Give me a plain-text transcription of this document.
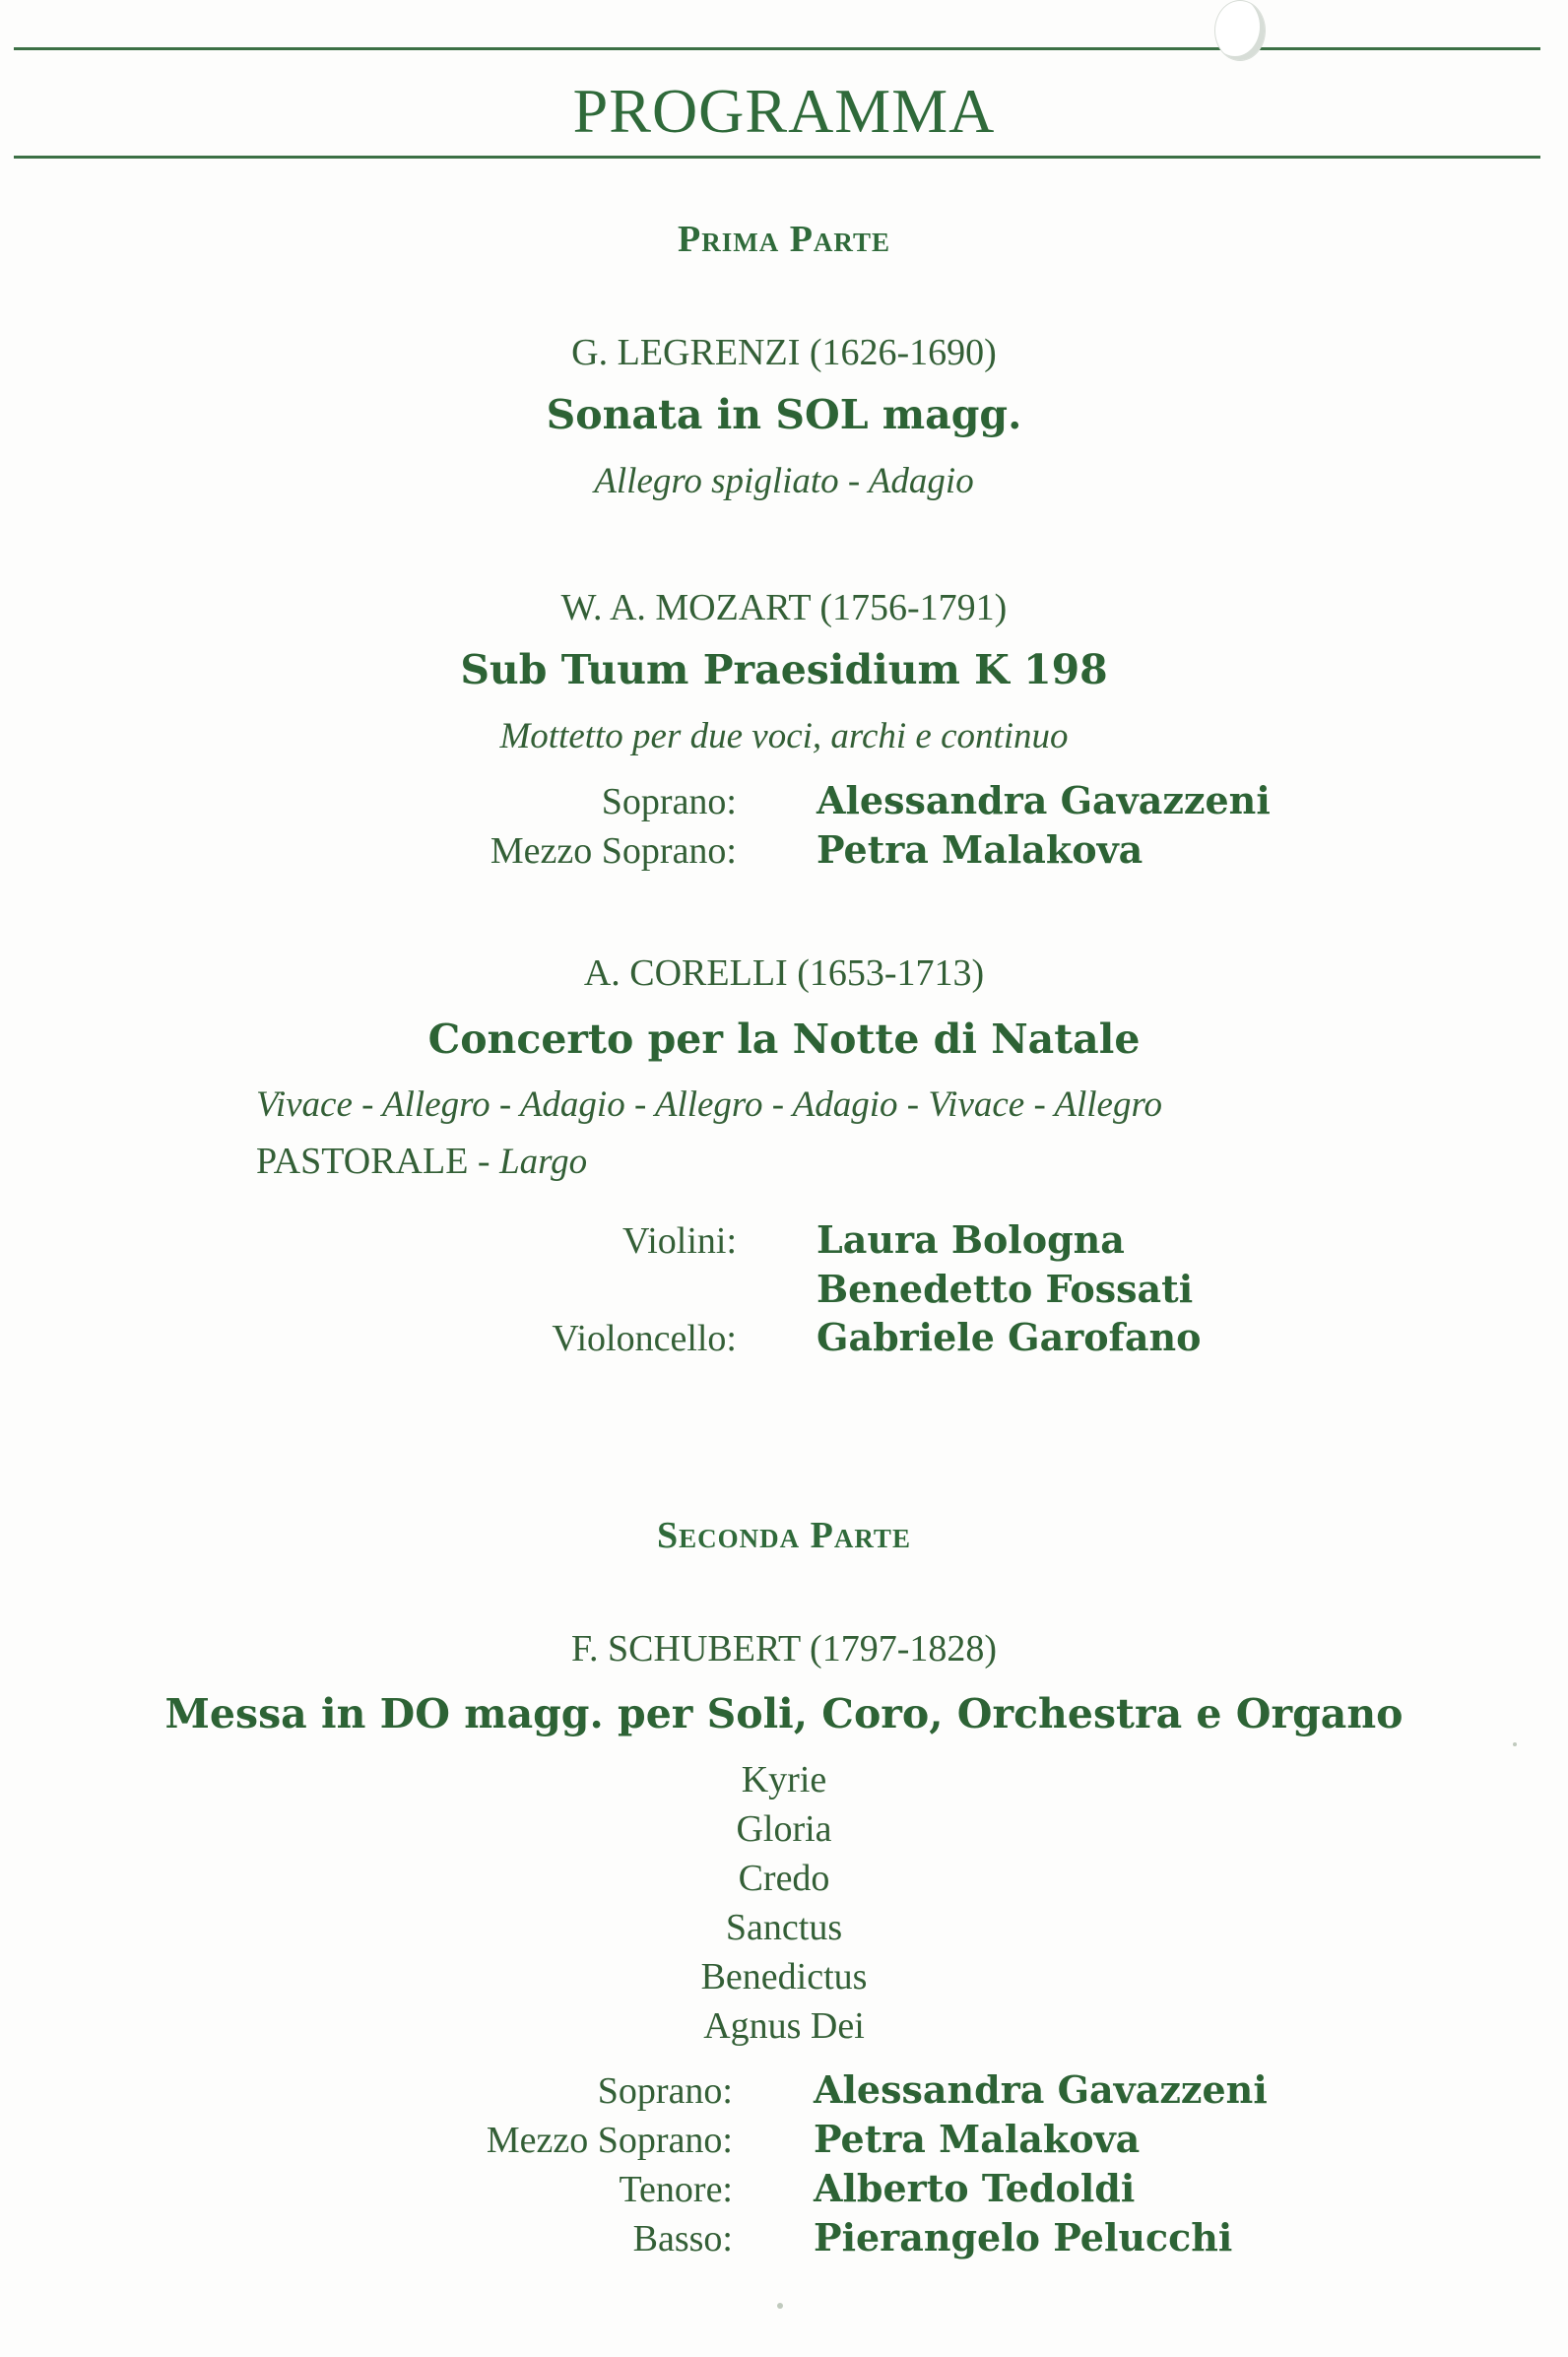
PROGRAMMA
Prima Parte
G. LEGRENZI (1626-1690)
Sonata in SOL magg.
Allegro spigliato - Adagio
W. A. MOZART (1756-1791)
Sub Tuum Praesidium K 198
Mottetto per due voci, archi e continuo
Soprano: Alessandra Gavazzeni
Mezzo Soprano: Petra Malakova
A. CORELLI (1653-1713)
Concerto per la Notte di Natale
Vivace - Allegro - Adagio - Allegro - Adagio - Vivace - Allegro
PASTORALE - Largo
Violini: Laura Bologna
Benedetto Fossati
Violoncello: Gabriele Garofano
Seconda Parte
F. SCHUBERT (1797-1828)
Messa in DO magg. per Soli, Coro, Orchestra e Organo
Kyrie
Gloria
Credo
Sanctus
Benedictus
Agnus Dei
Soprano: Alessandra Gavazzeni
Mezzo Soprano: Petra Malakova
Tenore: Alberto Tedoldi
Basso: Pierangelo Pelucchi
